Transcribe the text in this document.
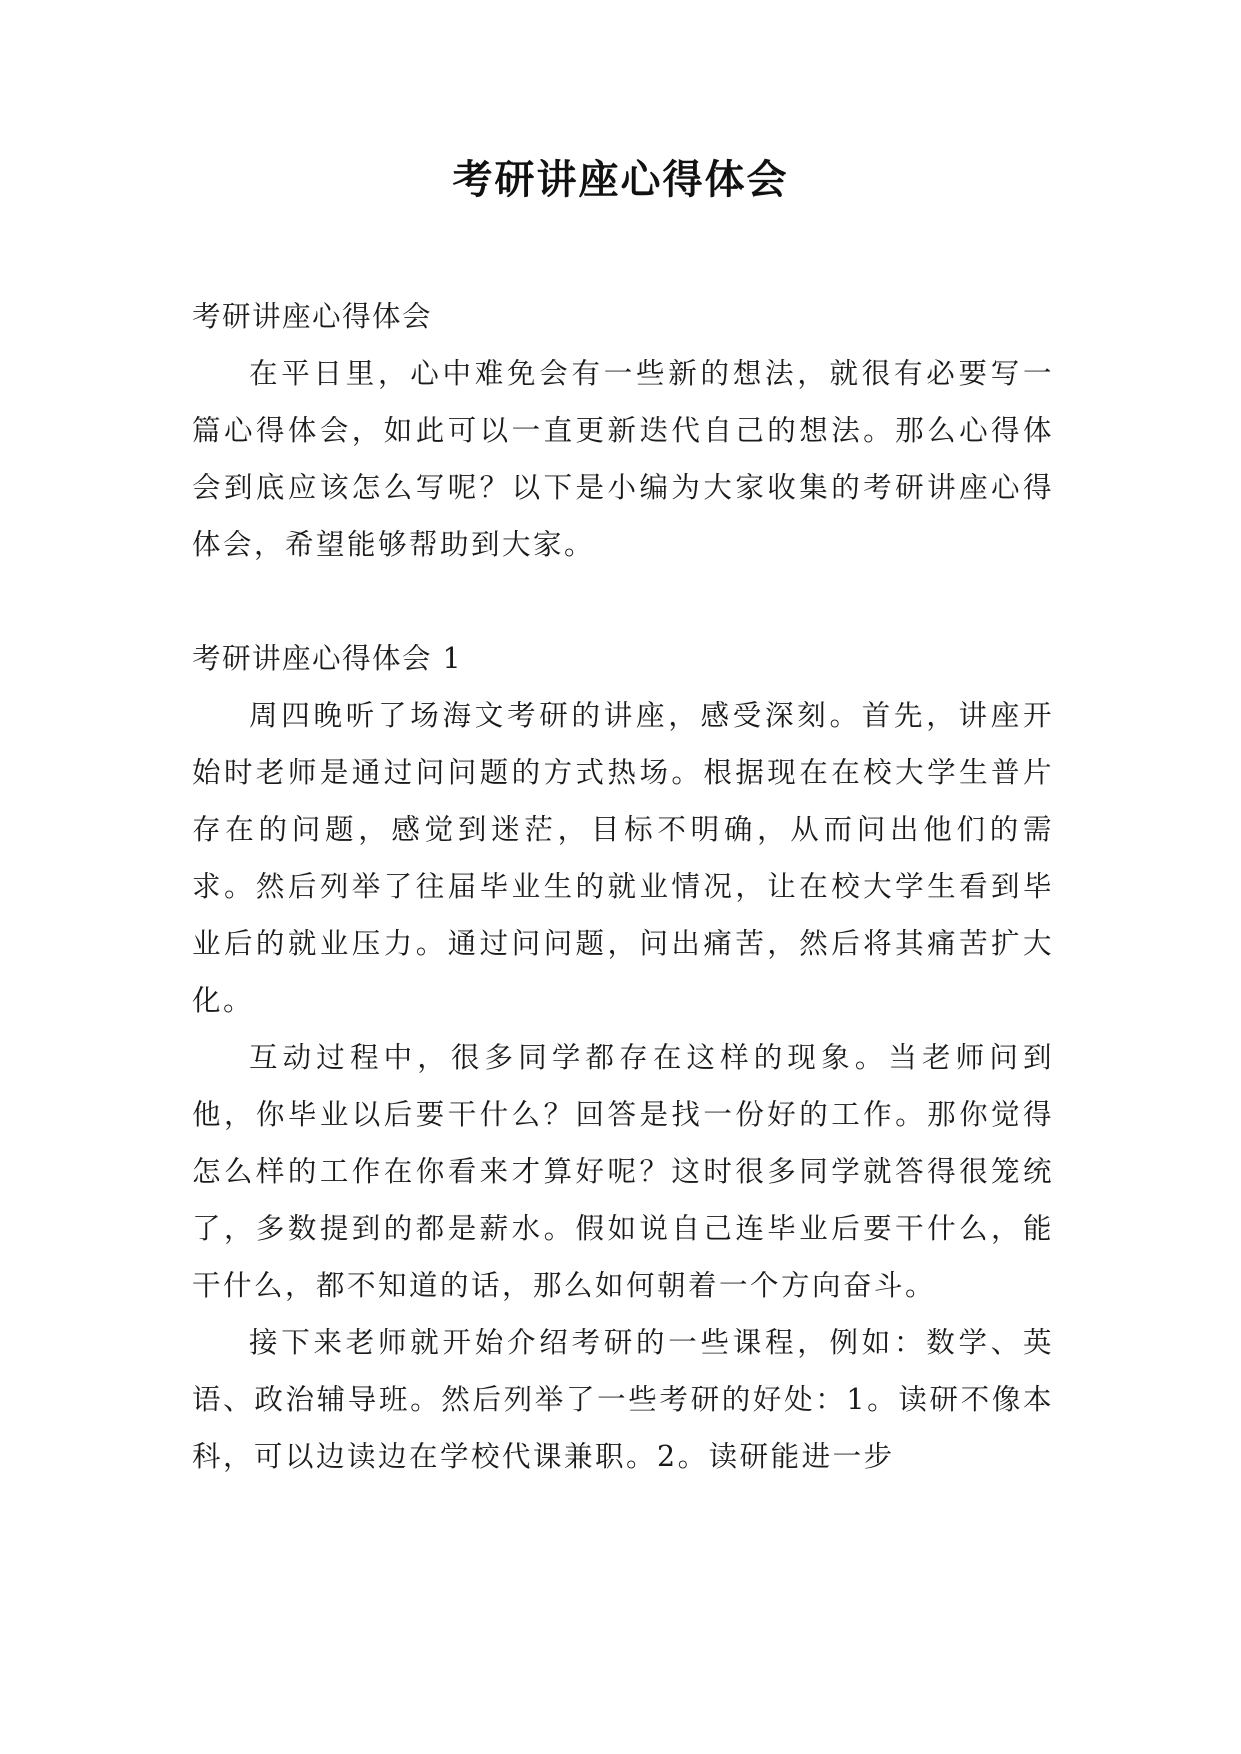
考研讲座心得体会

考研讲座心得体会

在平日里，心中难免会有一些新的想法，就很有必要写一篇心得体会，如此可以一直更新迭代自己的想法。那么心得体会到底应该怎么写呢？以下是小编为大家收集的考研讲座心得体会，希望能够帮助到大家。

考研讲座心得体会 1

周四晚听了场海文考研的讲座，感受深刻。首先，讲座开始时老师是通过问问题的方式热场。根据现在在校大学生普片存在的问题，感觉到迷茫，目标不明确，从而问出他们的需求。然后列举了往届毕业生的就业情况，让在校大学生看到毕业后的就业压力。通过问问题，问出痛苦，然后将其痛苦扩大化。

互动过程中，很多同学都存在这样的现象。当老师问到他，你毕业以后要干什么？回答是找一份好的工作。那你觉得怎么样的工作在你看来才算好呢？这时很多同学就答得很笼统了，多数提到的都是薪水。假如说自己连毕业后要干什么，能干什么，都不知道的话，那么如何朝着一个方向奋斗。

接下来老师就开始介绍考研的一些课程，例如：数学、英语、政治辅导班。然后列举了一些考研的好处：1。读研不像本科，可以边读边在学校代课兼职。2。读研能进一步
